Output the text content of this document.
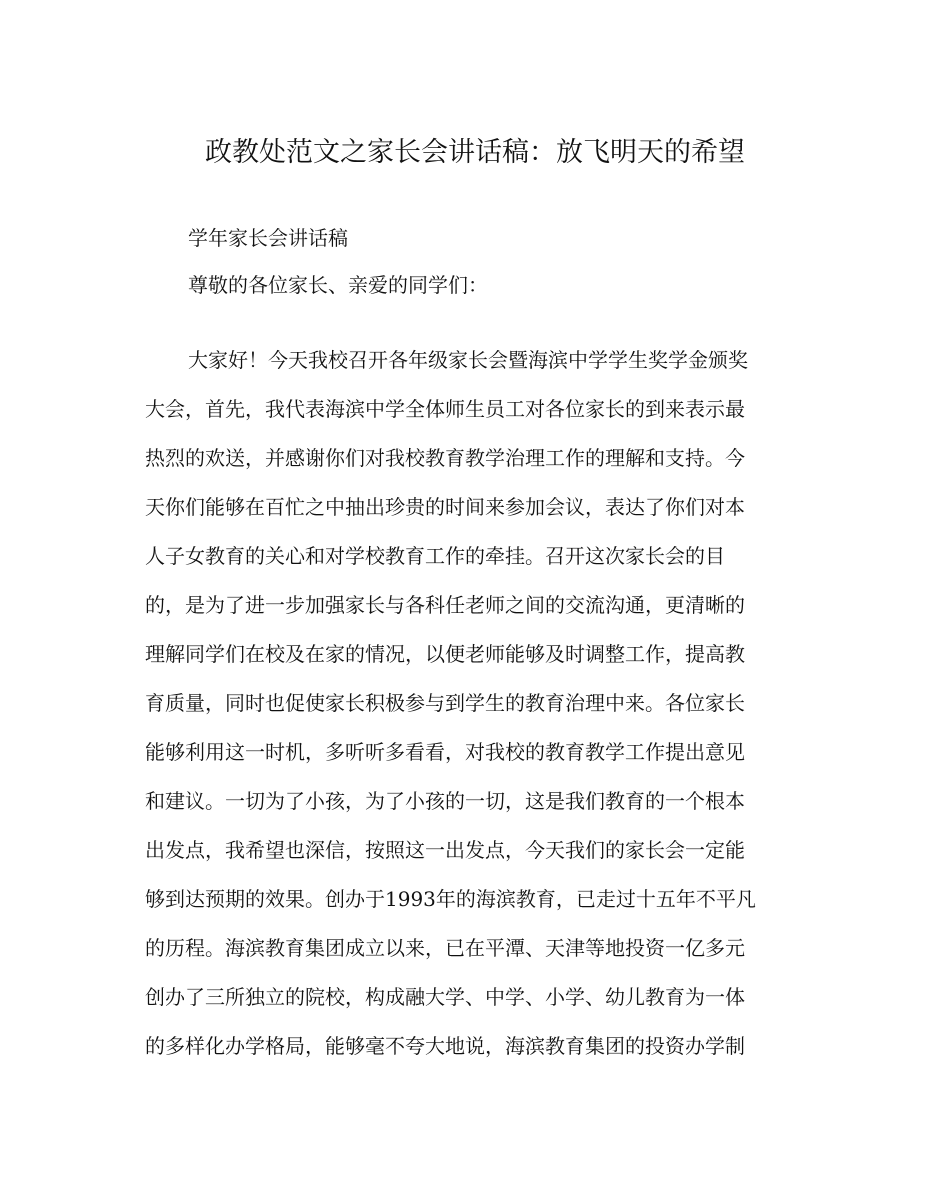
政教处范文之家长会讲话稿：放飞明天的希望
学年家长会讲话稿
尊敬的各位家长、亲爱的同学们：
大家好！今天我校召开各年级家长会暨海滨中学学生奖学金颁奖
大会，首先，我代表海滨中学全体师生员工对各位家长的到来表示最
热烈的欢送，并感谢你们对我校教育教学治理工作的理解和支持。今
天你们能够在百忙之中抽出珍贵的时间来参加会议，表达了你们对本
人子女教育的关心和对学校教育工作的牵挂。召开这次家长会的目
的，是为了进一步加强家长与各科任老师之间的交流沟通，更清晰的
理解同学们在校及在家的情况，以便老师能够及时调整工作，提高教
育质量，同时也促使家长积极参与到学生的教育治理中来。各位家长
能够利用这一时机，多听听多看看，对我校的教育教学工作提出意见
和建议。一切为了小孩，为了小孩的一切，这是我们教育的一个根本
出发点，我希望也深信，按照这一出发点，今天我们的家长会一定能
够到达预期的效果。创办于1993年的海滨教育，已走过十五年不平凡
的历程。海滨教育集团成立以来，已在平潭、天津等地投资一亿多元
创办了三所独立的院校，构成融大学、中学、小学、幼儿教育为一体
的多样化办学格局，能够毫不夸大地说，海滨教育集团的投资办学制
